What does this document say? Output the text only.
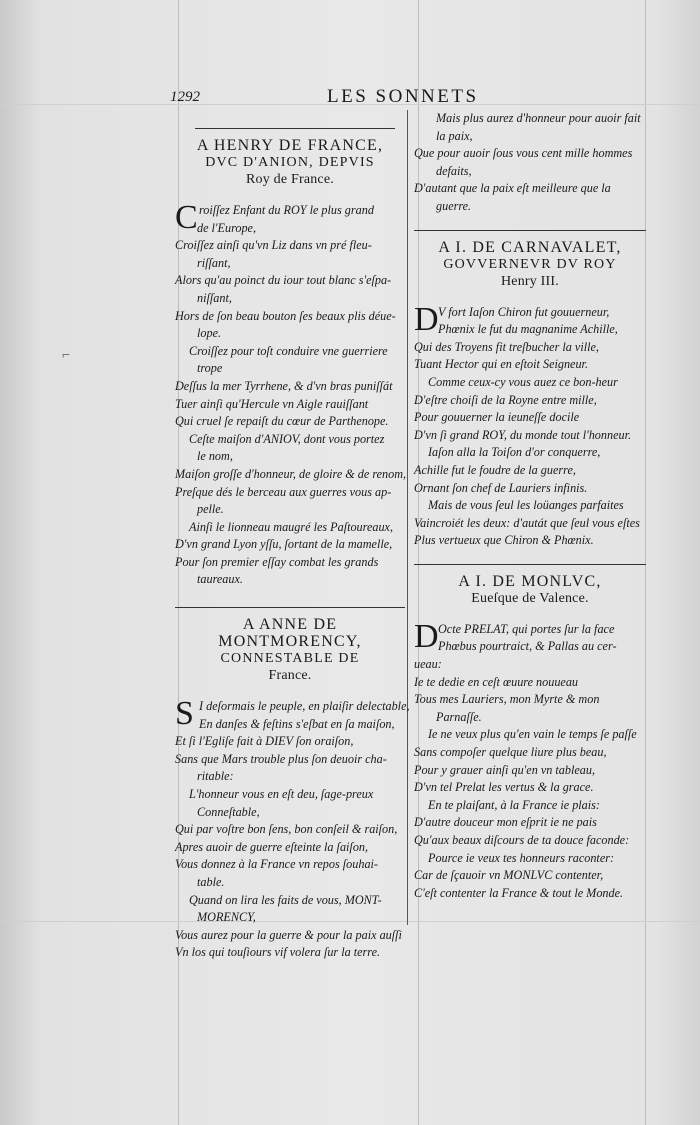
1292	LES SONNETS
⌐
A HENRY DE FRANCE,
DVC D'ANION, DEPVIS
Roy de France.
C roiſſez Enfant du ROY le plus grand
de l'Europe,
Croiſſez ainſi qu'vn Liz dans vn pré fleu-
riſſant,
Alors qu'au poinct du iour tout blanc s'eſpa-
niſſant,
Hors de ſon beau bouton ſes beaux plis déue-
lope.
Croiſſez pour toſt conduire vne guerriere
trope
Deſſus la mer Tyrrhene, & d'vn bras puniſſát
Tuer ainſi qu'Hercule vn Aigle rauiſſant
Qui cruel ſe repaiſt du cœur de Parthenope.
Ceſte maiſon d'ANIOV, dont vous portez
le nom,
Maiſon groſſe d'honneur, de gloire & de renom,
Preſque dés le berceau aux guerres vous ap-
pelle.
Ainſi le lionneau maugré les Paſtoureaux,
D'vn grand Lyon yſſu, ſortant de la mamelle,
Pour ſon premier eſſay combat les grands
taureaux.
A ANNE DE MONTMORENCY,
CONNESTABLE DE
France.
S I deſormais le peuple, en plaiſir delectable,
En danſes & feſtins s'eſbat en ſa maiſon,
Et ſi l'Egliſe fait à DIEV ſon oraiſon,
Sans que Mars trouble plus ſon deuoir cha-
ritable:
L'honneur vous en eſt deu, ſage-preux
Conneſtable,
Qui par voſtre bon ſens, bon conſeil & raiſon,
Apres auoir de guerre eſteinte la ſaiſon,
Vous donnez à la France vn repos ſouhai-
table.
Quand on lira les faits de vous, MONT-
MORENCY,
Vous aurez pour la guerre & pour la paix auſſi
Vn los qui touſiours vif volera ſur la terre.
Mais plus aurez d'honneur pour auoir fait
la paix,
Que pour auoir ſous vous cent mille hommes
defaits,
D'autant que la paix eſt meilleure que la
guerre.
A I. DE CARNAVALET,
GOVVERNEVR DV ROY
Henry III.
D V fort Iaſon Chiron fut gouuerneur,
Phœnix le fut du magnanime Achille,
Qui des Troyens fit treſbucher la ville,
Tuant Hector qui en eſtoit Seigneur.
Comme ceux-cy vous auez ce bon-heur
D'eſtre choiſi de la Royne entre mille,
Pour gouuerner la ieuneſſe docile
D'vn ſi grand ROY, du monde tout l'honneur.
Iaſon alla la Toiſon d'or conquerre,
Achille fut le foudre de la guerre,
Ornant ſon chef de Lauriers infinis.
Mais de vous ſeul les loüanges parfaites
Vaincroiét les deux: d'autát que ſeul vous eſtes
Plus vertueux que Chiron & Phœnix.
A I. DE MONLVC,
Eueſque de Valence.
D Octe PRELAT, qui portes ſur la face
Phœbus pourtraict, & Pallas au cer-
ueau:
Ie te dedie en ceſt œuure nouueau
Tous mes Lauriers, mon Myrte & mon
Parnaſſe.
Ie ne veux plus qu'en vain le temps ſe paſſe
Sans compoſer quelque liure plus beau,
Pour y grauer ainſi qu'en vn tableau,
D'vn tel Prelat les vertus & la grace.
En te plaiſant, à la France ie plais:
D'autre douceur mon eſprit ie ne pais
Qu'aux beaux diſcours de ta douce faconde:
Pource ie veux tes honneurs raconter:
Car de ſçauoir vn MONLVC contenter,
C'eſt contenter la France & tout le Monde.
